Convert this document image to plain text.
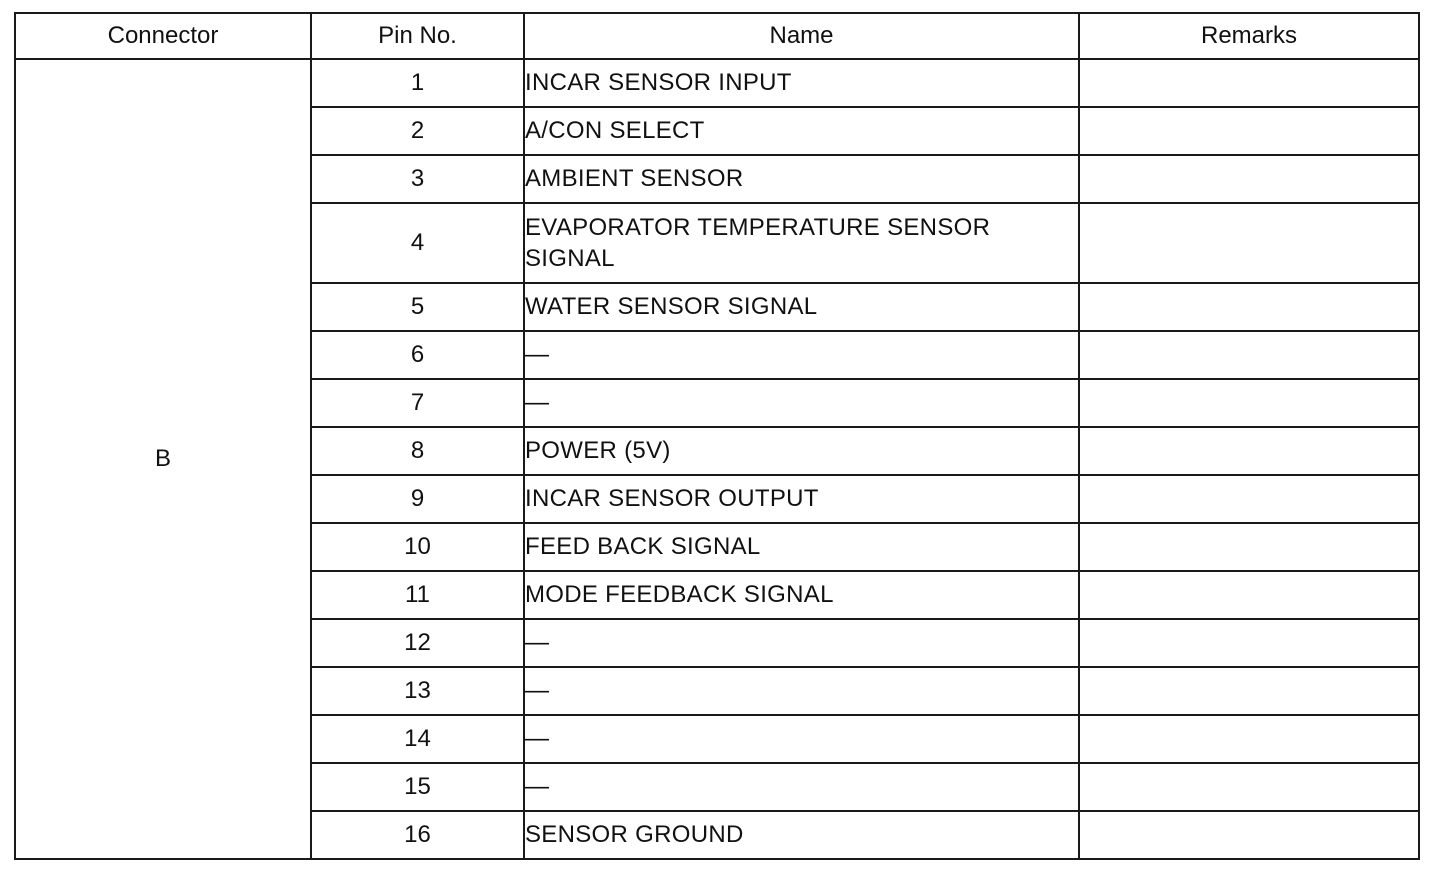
Connector	Pin No.	Name	Remarks
B	1	INCAR SENSOR INPUT	
	2	A/CON SELECT	
	3	AMBIENT SENSOR	
	4	EVAPORATOR TEMPERATURE SENSOR SIGNAL	
	5	WATER SENSOR SIGNAL	
	6	—	
	7	—	
	8	POWER (5V)	
	9	INCAR SENSOR OUTPUT	
	10	FEED BACK SIGNAL	
	11	MODE FEEDBACK SIGNAL	
	12	—	
	13	—	
	14	—	
	15	—	
	16	SENSOR GROUND	
